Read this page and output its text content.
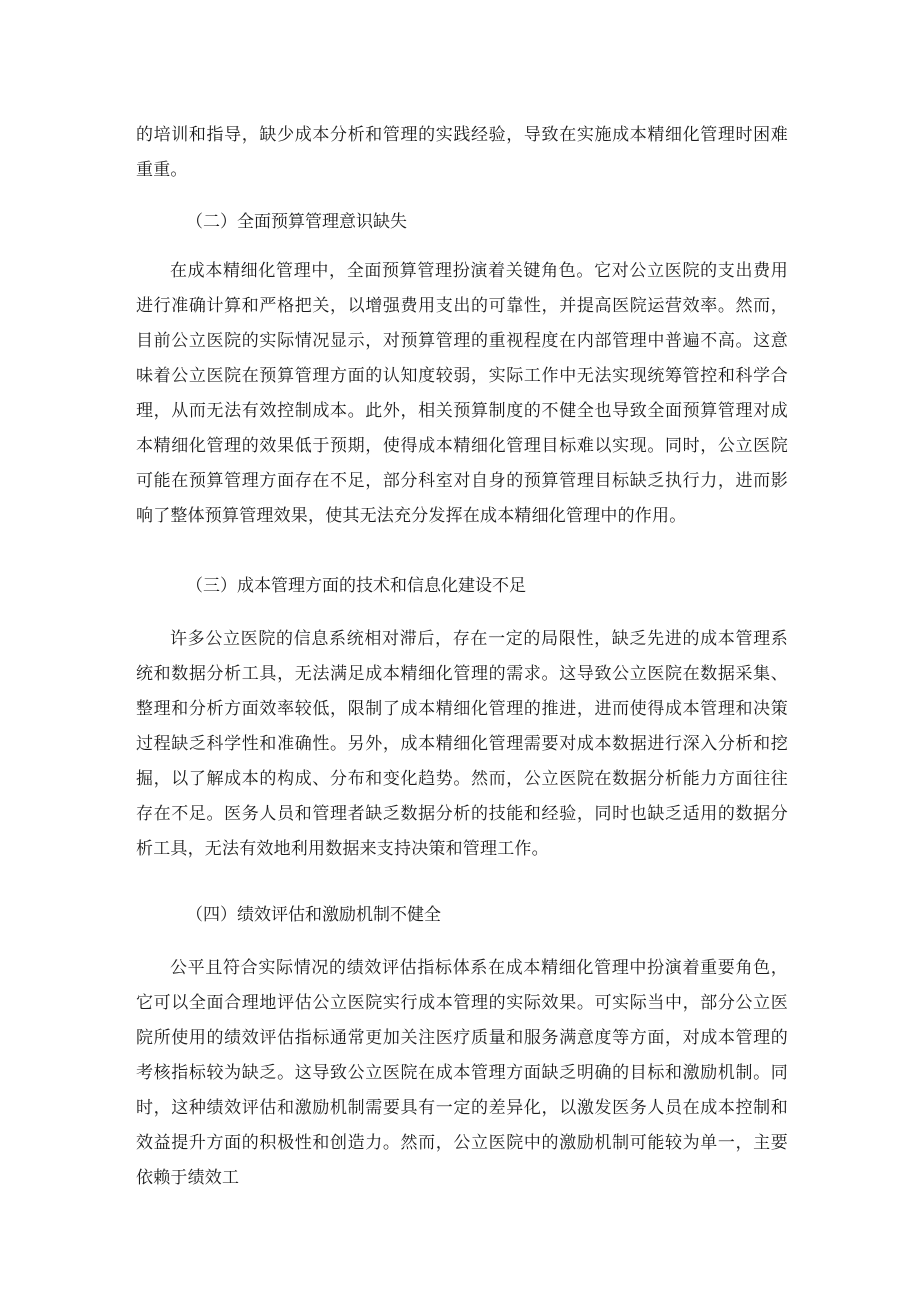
的培训和指导，缺少成本分析和管理的实践经验，导致在实施成本精细化管理时困难重重。

（二）全面预算管理意识缺失

在成本精细化管理中，全面预算管理扮演着关键角色。它对公立医院的支出费用进行准确计算和严格把关，以增强费用支出的可靠性，并提高医院运营效率。然而，目前公立医院的实际情况显示，对预算管理的重视程度在内部管理中普遍不高。这意味着公立医院在预算管理方面的认知度较弱，实际工作中无法实现统筹管控和科学合理，从而无法有效控制成本。此外，相关预算制度的不健全也导致全面预算管理对成本精细化管理的效果低于预期，使得成本精细化管理目标难以实现。同时，公立医院可能在预算管理方面存在不足，部分科室对自身的预算管理目标缺乏执行力，进而影响了整体预算管理效果，使其无法充分发挥在成本精细化管理中的作用。

（三）成本管理方面的技术和信息化建设不足

许多公立医院的信息系统相对滞后，存在一定的局限性，缺乏先进的成本管理系统和数据分析工具，无法满足成本精细化管理的需求。这导致公立医院在数据采集、整理和分析方面效率较低，限制了成本精细化管理的推进，进而使得成本管理和决策过程缺乏科学性和准确性。另外，成本精细化管理需要对成本数据进行深入分析和挖掘，以了解成本的构成、分布和变化趋势。然而，公立医院在数据分析能力方面往往存在不足。医务人员和管理者缺乏数据分析的技能和经验，同时也缺乏适用的数据分析工具，无法有效地利用数据来支持决策和管理工作。

（四）绩效评估和激励机制不健全

公平且符合实际情况的绩效评估指标体系在成本精细化管理中扮演着重要角色，它可以全面合理地评估公立医院实行成本管理的实际效果。可实际当中，部分公立医院所使用的绩效评估指标通常更加关注医疗质量和服务满意度等方面，对成本管理的考核指标较为缺乏。这导致公立医院在成本管理方面缺乏明确的目标和激励机制。同时，这种绩效评估和激励机制需要具有一定的差异化，以激发医务人员在成本控制和效益提升方面的积极性和创造力。然而，公立医院中的激励机制可能较为单一，主要依赖于绩效工
